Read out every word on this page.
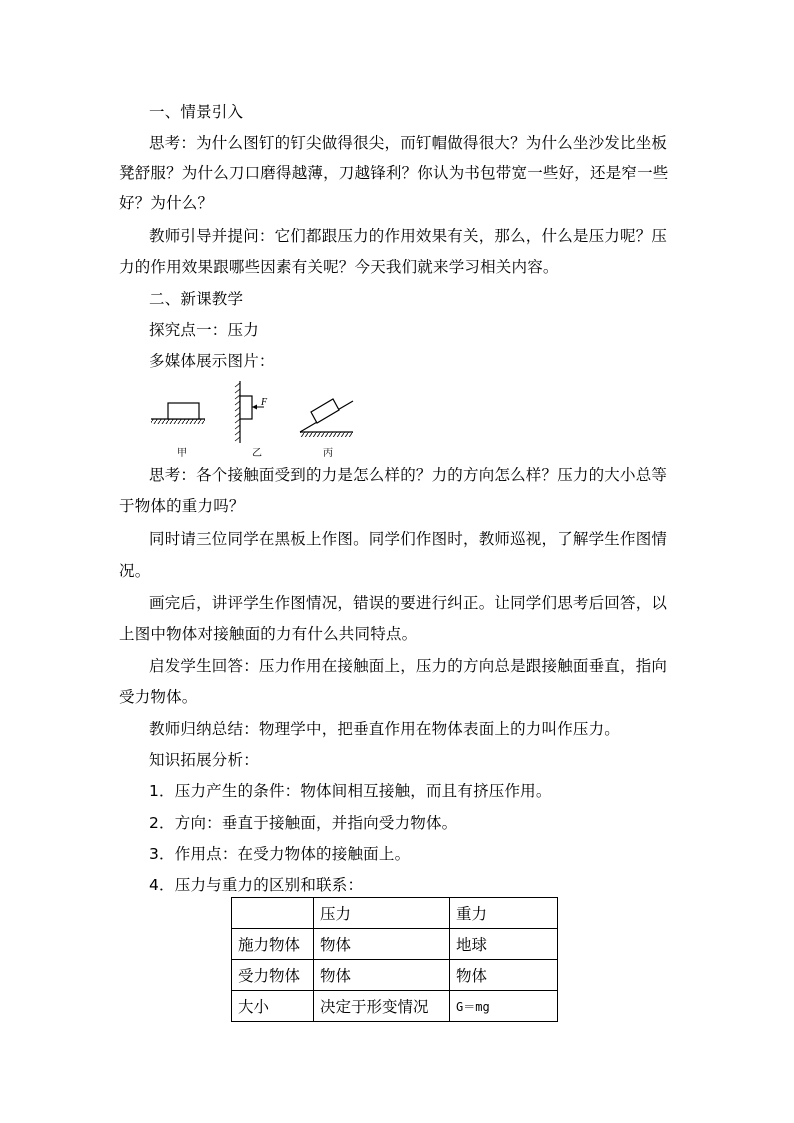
一、情景引入
思考：为什么图钉的钉尖做得很尖，而钉帽做得很大？为什么坐沙发比坐板
凳舒服？为什么刀口磨得越薄，刀越锋利？你认为书包带宽一些好，还是窄一些
好？为什么？
教师引导并提问：它们都跟压力的作用效果有关，那么，什么是压力呢？压
力的作用效果跟哪些因素有关呢？今天我们就来学习相关内容。
二、新课教学
探究点一：压力
多媒体展示图片：
F
甲	乙	丙
思考：各个接触面受到的力是怎么样的？力的方向怎么样？压力的大小总等
于物体的重力吗？
同时请三位同学在黑板上作图。同学们作图时，教师巡视，了解学生作图情
况。
画完后，讲评学生作图情况，错误的要进行纠正。让同学们思考后回答，以
上图中物体对接触面的力有什么共同特点。
启发学生回答：压力作用在接触面上，压力的方向总是跟接触面垂直，指向
受力物体。
教师归纳总结：物理学中，把垂直作用在物体表面上的力叫作压力。
知识拓展分析：
1．压力产生的条件：物体间相互接触，而且有挤压作用。
2．方向：垂直于接触面，并指向受力物体。
3．作用点：在受力物体的接触面上。
4．压力与重力的区别和联系：
	压力	重力
施力物体	物体	地球
受力物体	物体	物体
大小	决定于形变情况	G＝mg
